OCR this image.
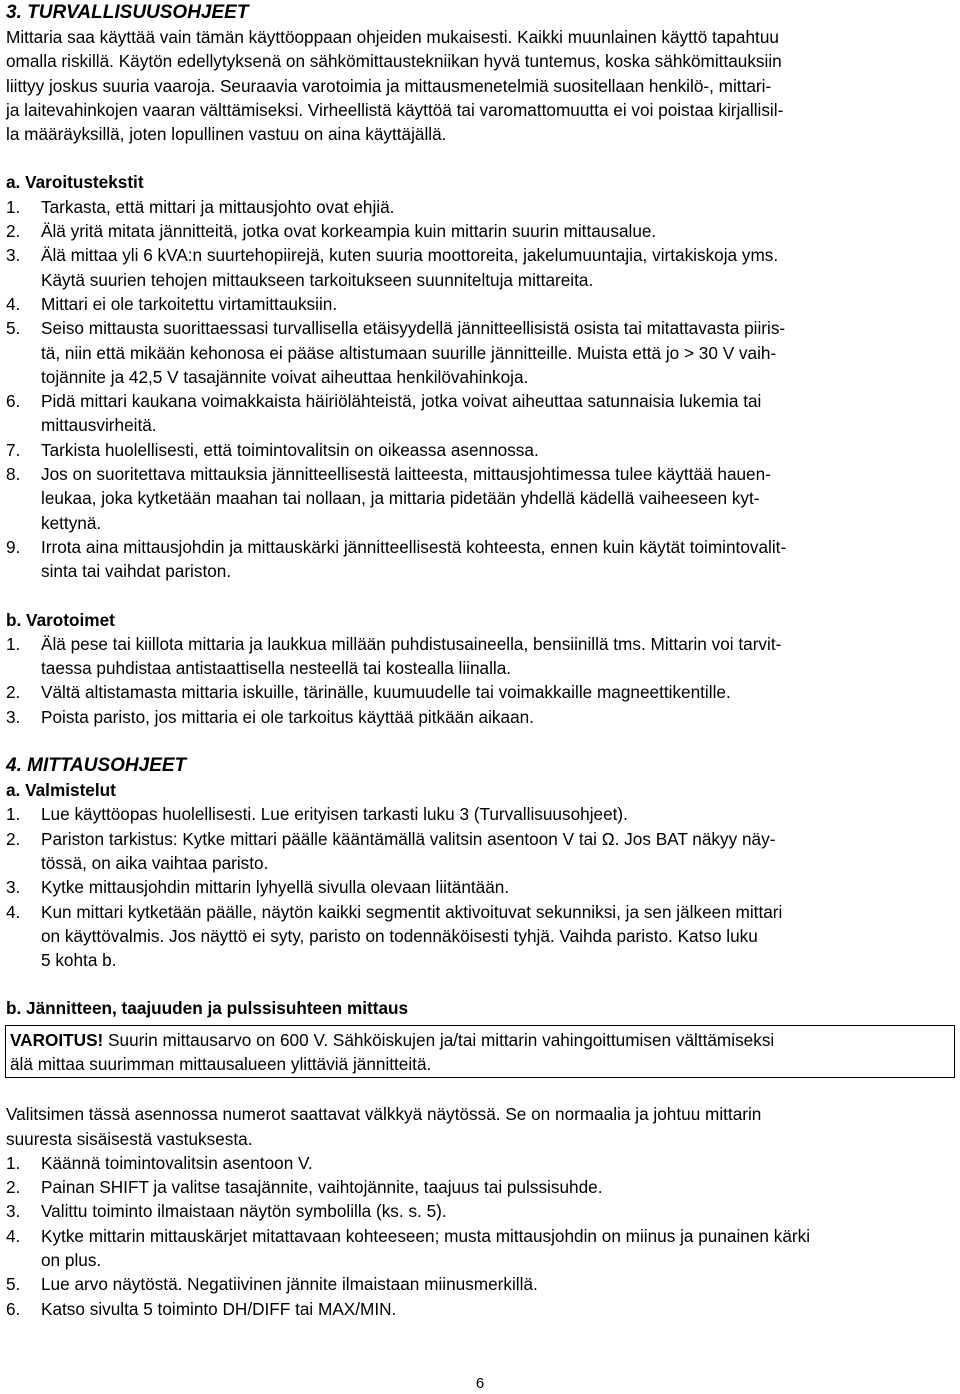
3. TURVALLISUUSOHJEET
Mittaria saa käyttää vain tämän käyttöoppaan ohjeiden mukaisesti. Kaikki muunlainen käyttö tapahtuu
omalla riskillä. Käytön edellytyksenä on sähkömittaustekniikan hyvä tuntemus, koska sähkömittauksiin
liittyy joskus suuria vaaroja. Seuraavia varotoimia ja mittausmenetelmiä suositellaan henkilö-, mittari-
ja laitevahinkojen vaaran välttämiseksi. Virheellistä käyttöä tai varomattomuutta ei voi poistaa kirjallisil-
la määräyksillä, joten lopullinen vastuu on aina käyttäjällä.
a. Varoitustekstit
1.	Tarkasta, että mittari ja mittausjohto ovat ehjiä.
2.	Älä yritä mitata jännitteitä, jotka ovat korkeampia kuin mittarin suurin mittausalue.
3.	Älä mittaa yli 6 kVA:n suurtehopiirejä, kuten suuria moottoreita, jakelumuuntajia, virtakiskoja yms.
Käytä suurien tehojen mittaukseen tarkoitukseen suunniteltuja mittareita.
4.	Mittari ei ole tarkoitettu virtamittauksiin.
5.	Seiso mittausta suorittaessasi turvallisella etäisyydellä jännitteellisistä osista tai mitattavasta piiris-
tä, niin että mikään kehonosa ei pääse altistumaan suurille jännitteille. Muista että jo > 30 V vaih-
tojännite ja 42,5 V tasajännite voivat aiheuttaa henkilövahinkoja.
6.	Pidä mittari kaukana voimakkaista häiriölähteistä, jotka voivat aiheuttaa satunnaisia lukemia tai
mittausvirheitä.
7.	Tarkista huolellisesti, että toimintovalitsin on oikeassa asennossa.
8.	Jos on suoritettava mittauksia jännitteellisestä laitteesta, mittausjohtimessa tulee käyttää hauen-
leukaa, joka kytketään maahan tai nollaan, ja mittaria pidetään yhdellä kädellä vaiheeseen kyt-
kettynä.
9.	Irrota aina mittausjohdin ja mittauskärki jännitteellisestä kohteesta, ennen kuin käytät toimintovalit-
sinta tai vaihdat pariston.
b. Varotoimet
1.	Älä pese tai kiillota mittaria ja laukkua millään puhdistusaineella, bensiinillä tms. Mittarin voi tarvit-
taessa puhdistaa antistaattisella nesteellä tai kostealla liinalla.
2.	Vältä altistamasta mittaria iskuille, tärinälle, kuumuudelle tai voimakkaille magneettikentille.
3.	Poista paristo, jos mittaria ei ole tarkoitus käyttää pitkään aikaan.
4. MITTAUSOHJEET
a. Valmistelut
1.	Lue käyttöopas huolellisesti. Lue erityisen tarkasti luku 3 (Turvallisuusohjeet).
2.	Pariston tarkistus: Kytke mittari päälle kääntämällä valitsin asentoon V tai Ω. Jos BAT näkyy näy-
tössä, on aika vaihtaa paristo.
3.	Kytke mittausjohdin mittarin lyhyellä sivulla olevaan liitäntään.
4.	Kun mittari kytketään päälle, näytön kaikki segmentit aktivoituvat sekunniksi, ja sen jälkeen mittari
on käyttövalmis. Jos näyttö ei syty, paristo on todennäköisesti tyhjä. Vaihda paristo. Katso luku
5 kohta b.
b. Jännitteen, taajuuden ja pulssisuhteen mittaus
VAROITUS! Suurin mittausarvo on 600 V. Sähköiskujen ja/tai mittarin vahingoittumisen välttämiseksi
älä mittaa suurimman mittausalueen ylittäviä jännitteitä.
Valitsimen tässä asennossa numerot saattavat välkkyä näytössä. Se on normaalia ja johtuu mittarin
suuresta sisäisestä vastuksesta.
1.	Käännä toimintovalitsin asentoon V.
2.	Painan SHIFT ja valitse tasajännite, vaihtojännite, taajuus tai pulssisuhde.
3.	Valittu toiminto ilmaistaan näytön symbolilla (ks. s. 5).
4.	Kytke mittarin mittauskärjet mitattavaan kohteeseen; musta mittausjohdin on miinus ja punainen kärki
on plus.
5.	Lue arvo näytöstä. Negatiivinen jännite ilmaistaan miinusmerkillä.
6.	Katso sivulta 5 toiminto DH/DIFF tai MAX/MIN.
6
